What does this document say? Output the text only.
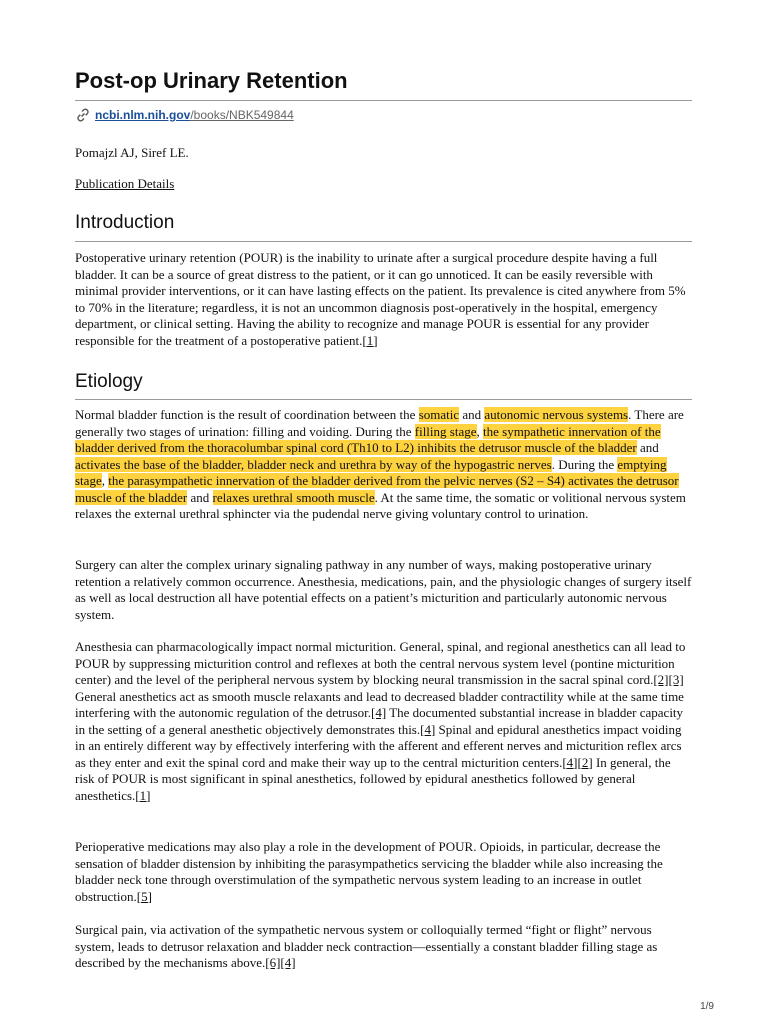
Post-op Urinary Retention
ncbi.nlm.nih.gov /books/NBK549844

Pomajzl AJ, Siref LE.

Publication Details

Introduction

Postoperative urinary retention (POUR) is the inability to urinate after a surgical procedure despite having a full bladder. It can be a source of great distress to the patient, or it can go unnoticed. It can be easily reversible with minimal provider interventions, or it can have lasting effects on the patient. Its prevalence is cited anywhere from 5% to 70% in the literature; regardless, it is not an uncommon diagnosis post-operatively in the hospital, emergency department, or clinical setting. Having the ability to recognize and manage POUR is essential for any provider responsible for the treatment of a postoperative patient.[1]

Etiology

Normal bladder function is the result of coordination between the somatic and autonomic nervous systems. There are generally two stages of urination: filling and voiding. During the filling stage, the sympathetic innervation of the bladder derived from the thoracolumbar spinal cord (Th10 to L2) inhibits the detrusor muscle of the bladder and activates the base of the bladder, bladder neck and urethra by way of the hypogastric nerves. During the emptying stage, the parasympathetic innervation of the bladder derived from the pelvic nerves (S2 – S4) activates the detrusor muscle of the bladder and relaxes urethral smooth muscle. At the same time, the somatic or volitional nervous system relaxes the external urethral sphincter via the pudendal nerve giving voluntary control to urination.

Surgery can alter the complex urinary signaling pathway in any number of ways, making postoperative urinary retention a relatively common occurrence. Anesthesia, medications, pain, and the physiologic changes of surgery itself as well as local destruction all have potential effects on a patient’s micturition and particularly autonomic nervous system.

Anesthesia can pharmacologically impact normal micturition. General, spinal, and regional anesthetics can all lead to POUR by suppressing micturition control and reflexes at both the central nervous system level (pontine micturition center) and the level of the peripheral nervous system by blocking neural transmission in the sacral spinal cord.[2][3] General anesthetics act as smooth muscle relaxants and lead to decreased bladder contractility while at the same time interfering with the autonomic regulation of the detrusor.[4] The documented substantial increase in bladder capacity in the setting of a general anesthetic objectively demonstrates this.[4] Spinal and epidural anesthetics impact voiding in an entirely different way by effectively interfering with the afferent and efferent nerves and micturition reflex arcs as they enter and exit the spinal cord and make their way up to the central micturition centers.[4][2] In general, the risk of POUR is most significant in spinal anesthetics, followed by epidural anesthetics followed by general anesthetics.[1]

Perioperative medications may also play a role in the development of POUR. Opioids, in particular, decrease the sensation of bladder distension by inhibiting the parasympathetics servicing the bladder while also increasing the bladder neck tone through overstimulation of the sympathetic nervous system leading to an increase in outlet obstruction.[5]

Surgical pain, via activation of the sympathetic nervous system or colloquially termed “fight or flight” nervous system, leads to detrusor relaxation and bladder neck contraction—essentially a constant bladder filling stage as described by the mechanisms above.[6][4]

1/9
